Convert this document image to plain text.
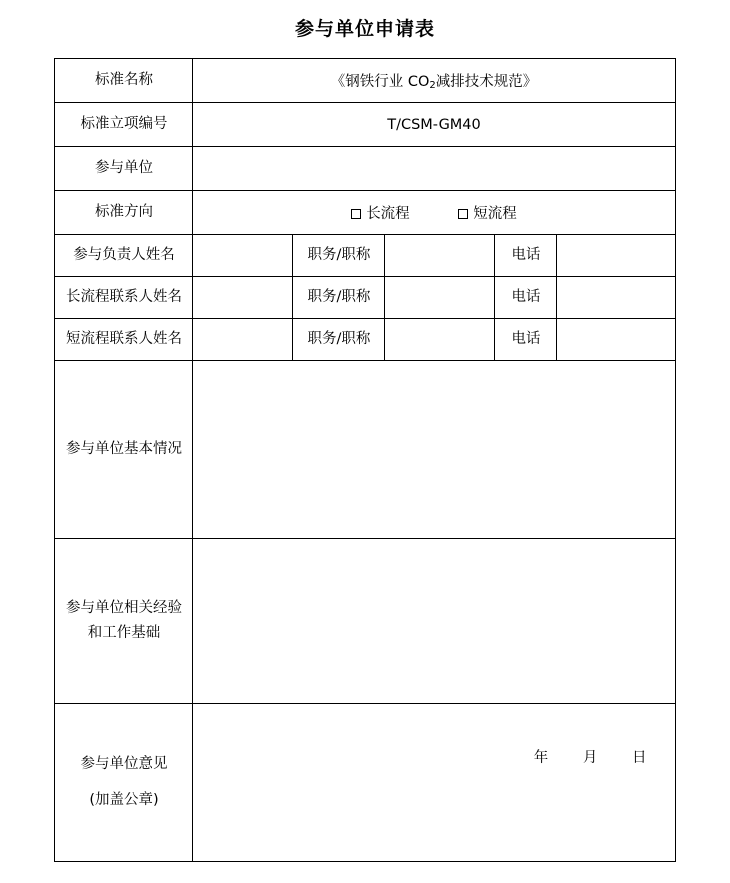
参与单位申请表
标准名称	《钢铁行业 $CO_2$减排技术规范》				
标准立项编号	T/CSM-GM40				
参与单位					
标准方向	长流程 短流程				
参与负责人姓名		职务/职称		电话	
长流程联系人姓名		职务/职称		电话	
短流程联系人姓名		职务/职称		电话	
参与单位基本情况					

参与单位相关经验
和工作基础					

参与单位意见
(加盖公章)	年 月 日				
